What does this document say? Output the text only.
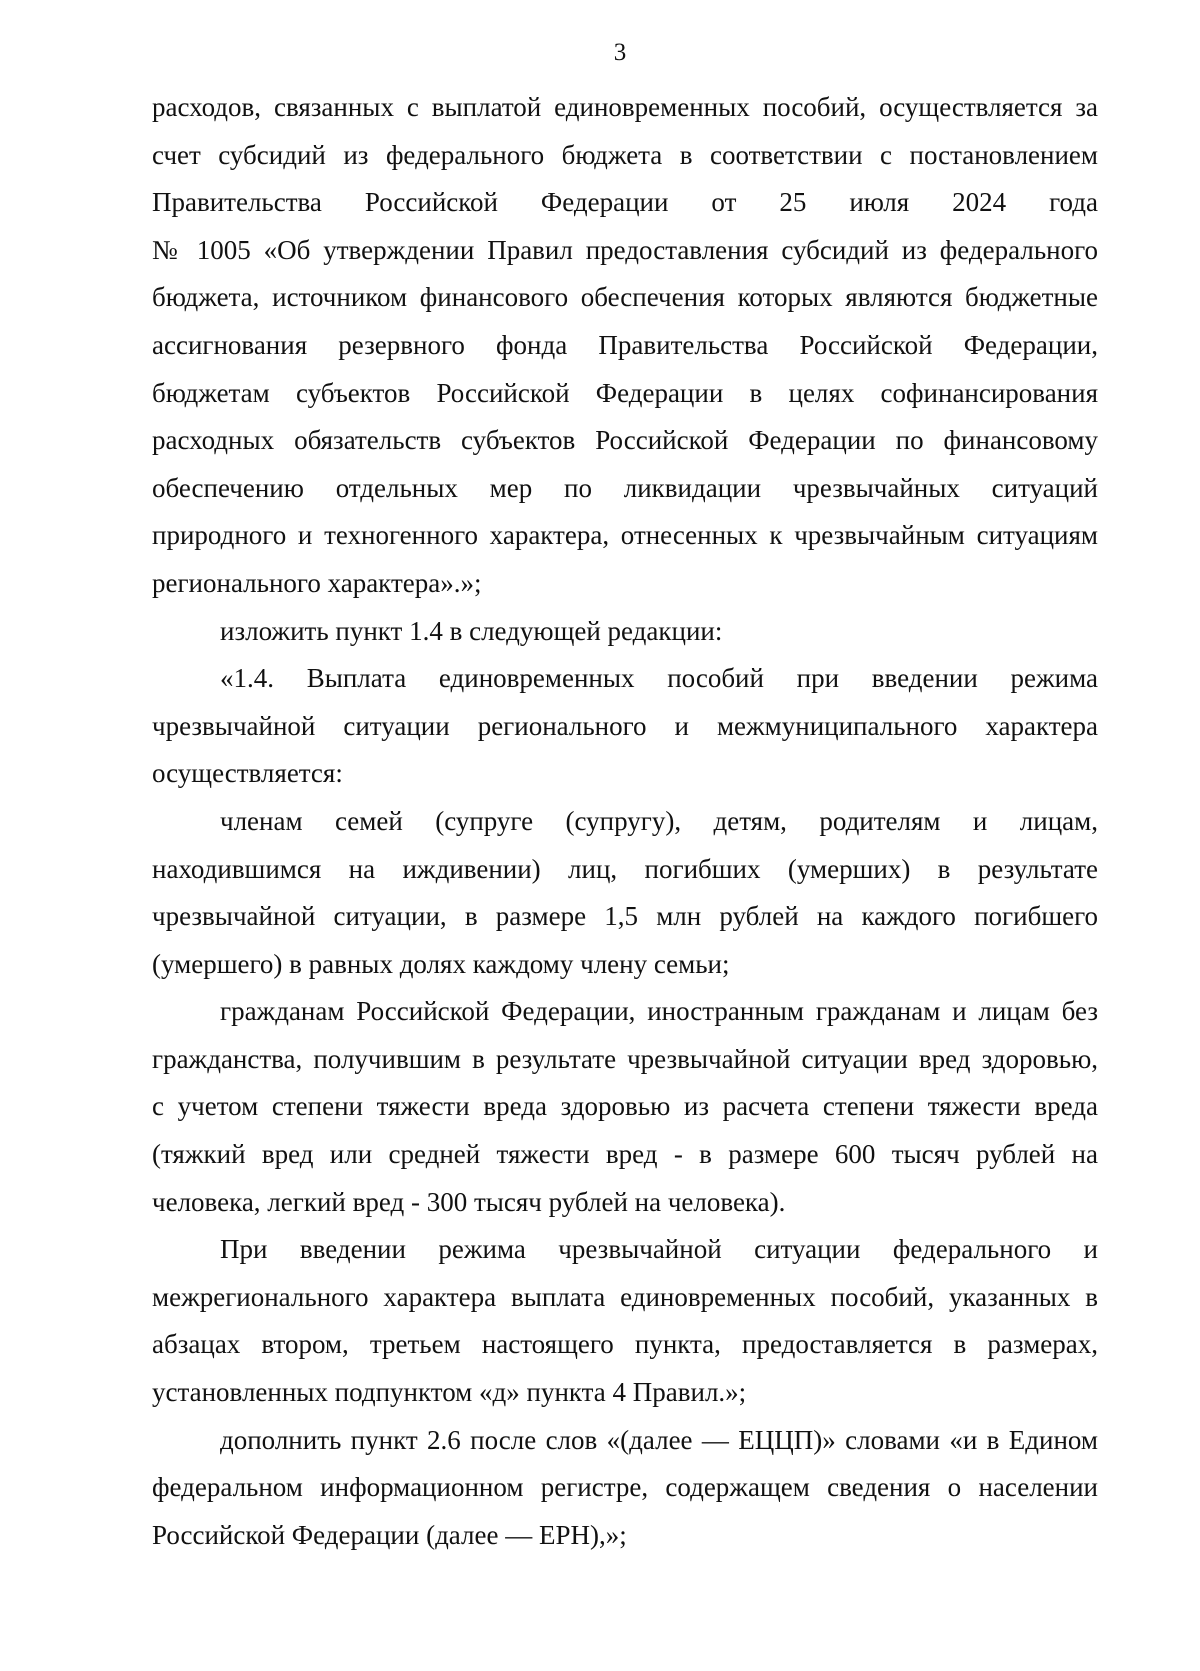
3
расходов, связанных с выплатой единовременных пособий, осуществляется за
счет субсидий из федерального бюджета в соответствии с постановлением
Правительства Российской Федерации от 25 июля 2024 года
№ 1005 «Об утверждении Правил предоставления субсидий из федерального
бюджета, источником финансового обеспечения которых являются бюджетные
ассигнования резервного фонда Правительства Российской Федерации,
бюджетам субъектов Российской Федерации в целях софинансирования
расходных обязательств субъектов Российской Федерации по финансовому
обеспечению отдельных мер по ликвидации чрезвычайных ситуаций
природного и техногенного характера, отнесенных к чрезвычайным ситуациям
регионального характера».»;
изложить пункт 1.4 в следующей редакции:
«1.4. Выплата единовременных пособий при введении режима
чрезвычайной ситуации регионального и межмуниципального характера
осуществляется:
членам семей (супруге (супругу), детям, родителям и лицам,
находившимся на иждивении) лиц, погибших (умерших) в результате
чрезвычайной ситуации, в размере 1,5 млн рублей на каждого погибшего
(умершего) в равных долях каждому члену семьи;
гражданам Российской Федерации, иностранным гражданам и лицам без
гражданства, получившим в результате чрезвычайной ситуации вред здоровью,
с учетом степени тяжести вреда здоровью из расчета степени тяжести вреда
(тяжкий вред или средней тяжести вред - в размере 600 тысяч рублей на
человека, легкий вред - 300 тысяч рублей на человека).
При введении режима чрезвычайной ситуации федерального и
межрегионального характера выплата единовременных пособий, указанных в
абзацах втором, третьем настоящего пункта, предоставляется в размерах,
установленных подпунктом «д» пункта 4 Правил.»;
дополнить пункт 2.6 после слов «(далее — ЕЦЦП)» словами «и в Едином
федеральном информационном регистре, содержащем сведения о населении
Российской Федерации (далее — ЕРН),»;
